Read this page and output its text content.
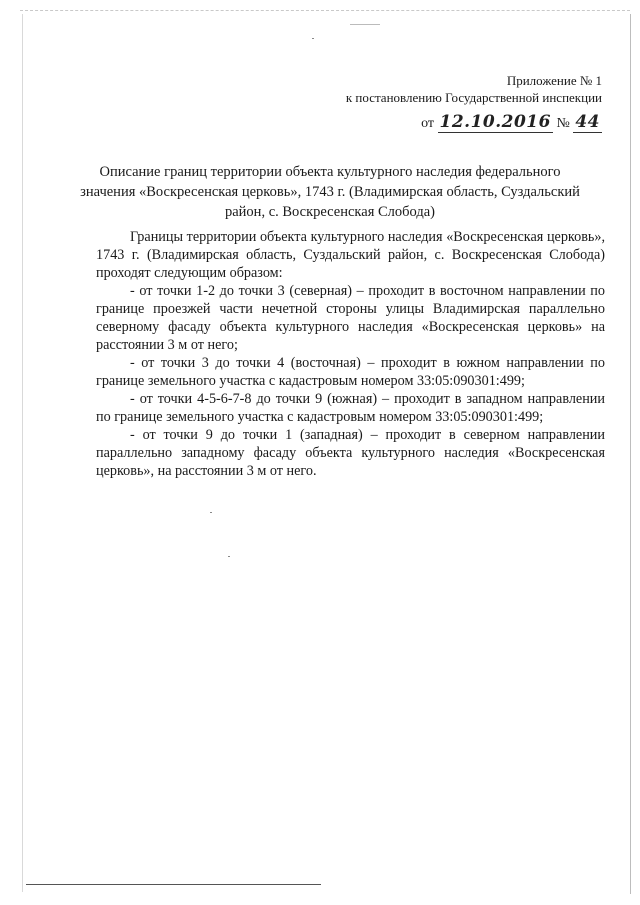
Приложение № 1
к постановлению Государственной инспекции
от 12.10.2016 № 44
Описание границ территории объекта культурного наследия федерального
значения «Воскресенская церковь», 1743 г. (Владимирская область, Суздальский
район, с. Воскресенская Слобода)

Границы территории объекта культурного наследия «Воскресенская церковь», 1743 г. (Владимирская область, Суздальский район, с. Воскресенская Слобода) проходят следующим образом:

- от точки 1-2 до точки 3 (северная) – проходит в восточном направлении по границе проезжей части нечетной стороны улицы Владимирская параллельно северному фасаду объекта культурного наследия «Воскресенская церковь» на расстоянии 3 м от него;

- от точки 3 до точки 4 (восточная) – проходит в южном направлении по границе земельного участка с кадастровым номером 33:05:090301:499;

- от точки 4-5-6-7-8 до точки 9 (южная) – проходит в западном направлении по границе земельного участка с кадастровым номером 33:05:090301:499;

- от точки 9 до точки 1 (западная) – проходит в северном направлении параллельно западному фасаду объекта культурного наследия «Воскресенская церковь», на расстоянии 3 м от него.
